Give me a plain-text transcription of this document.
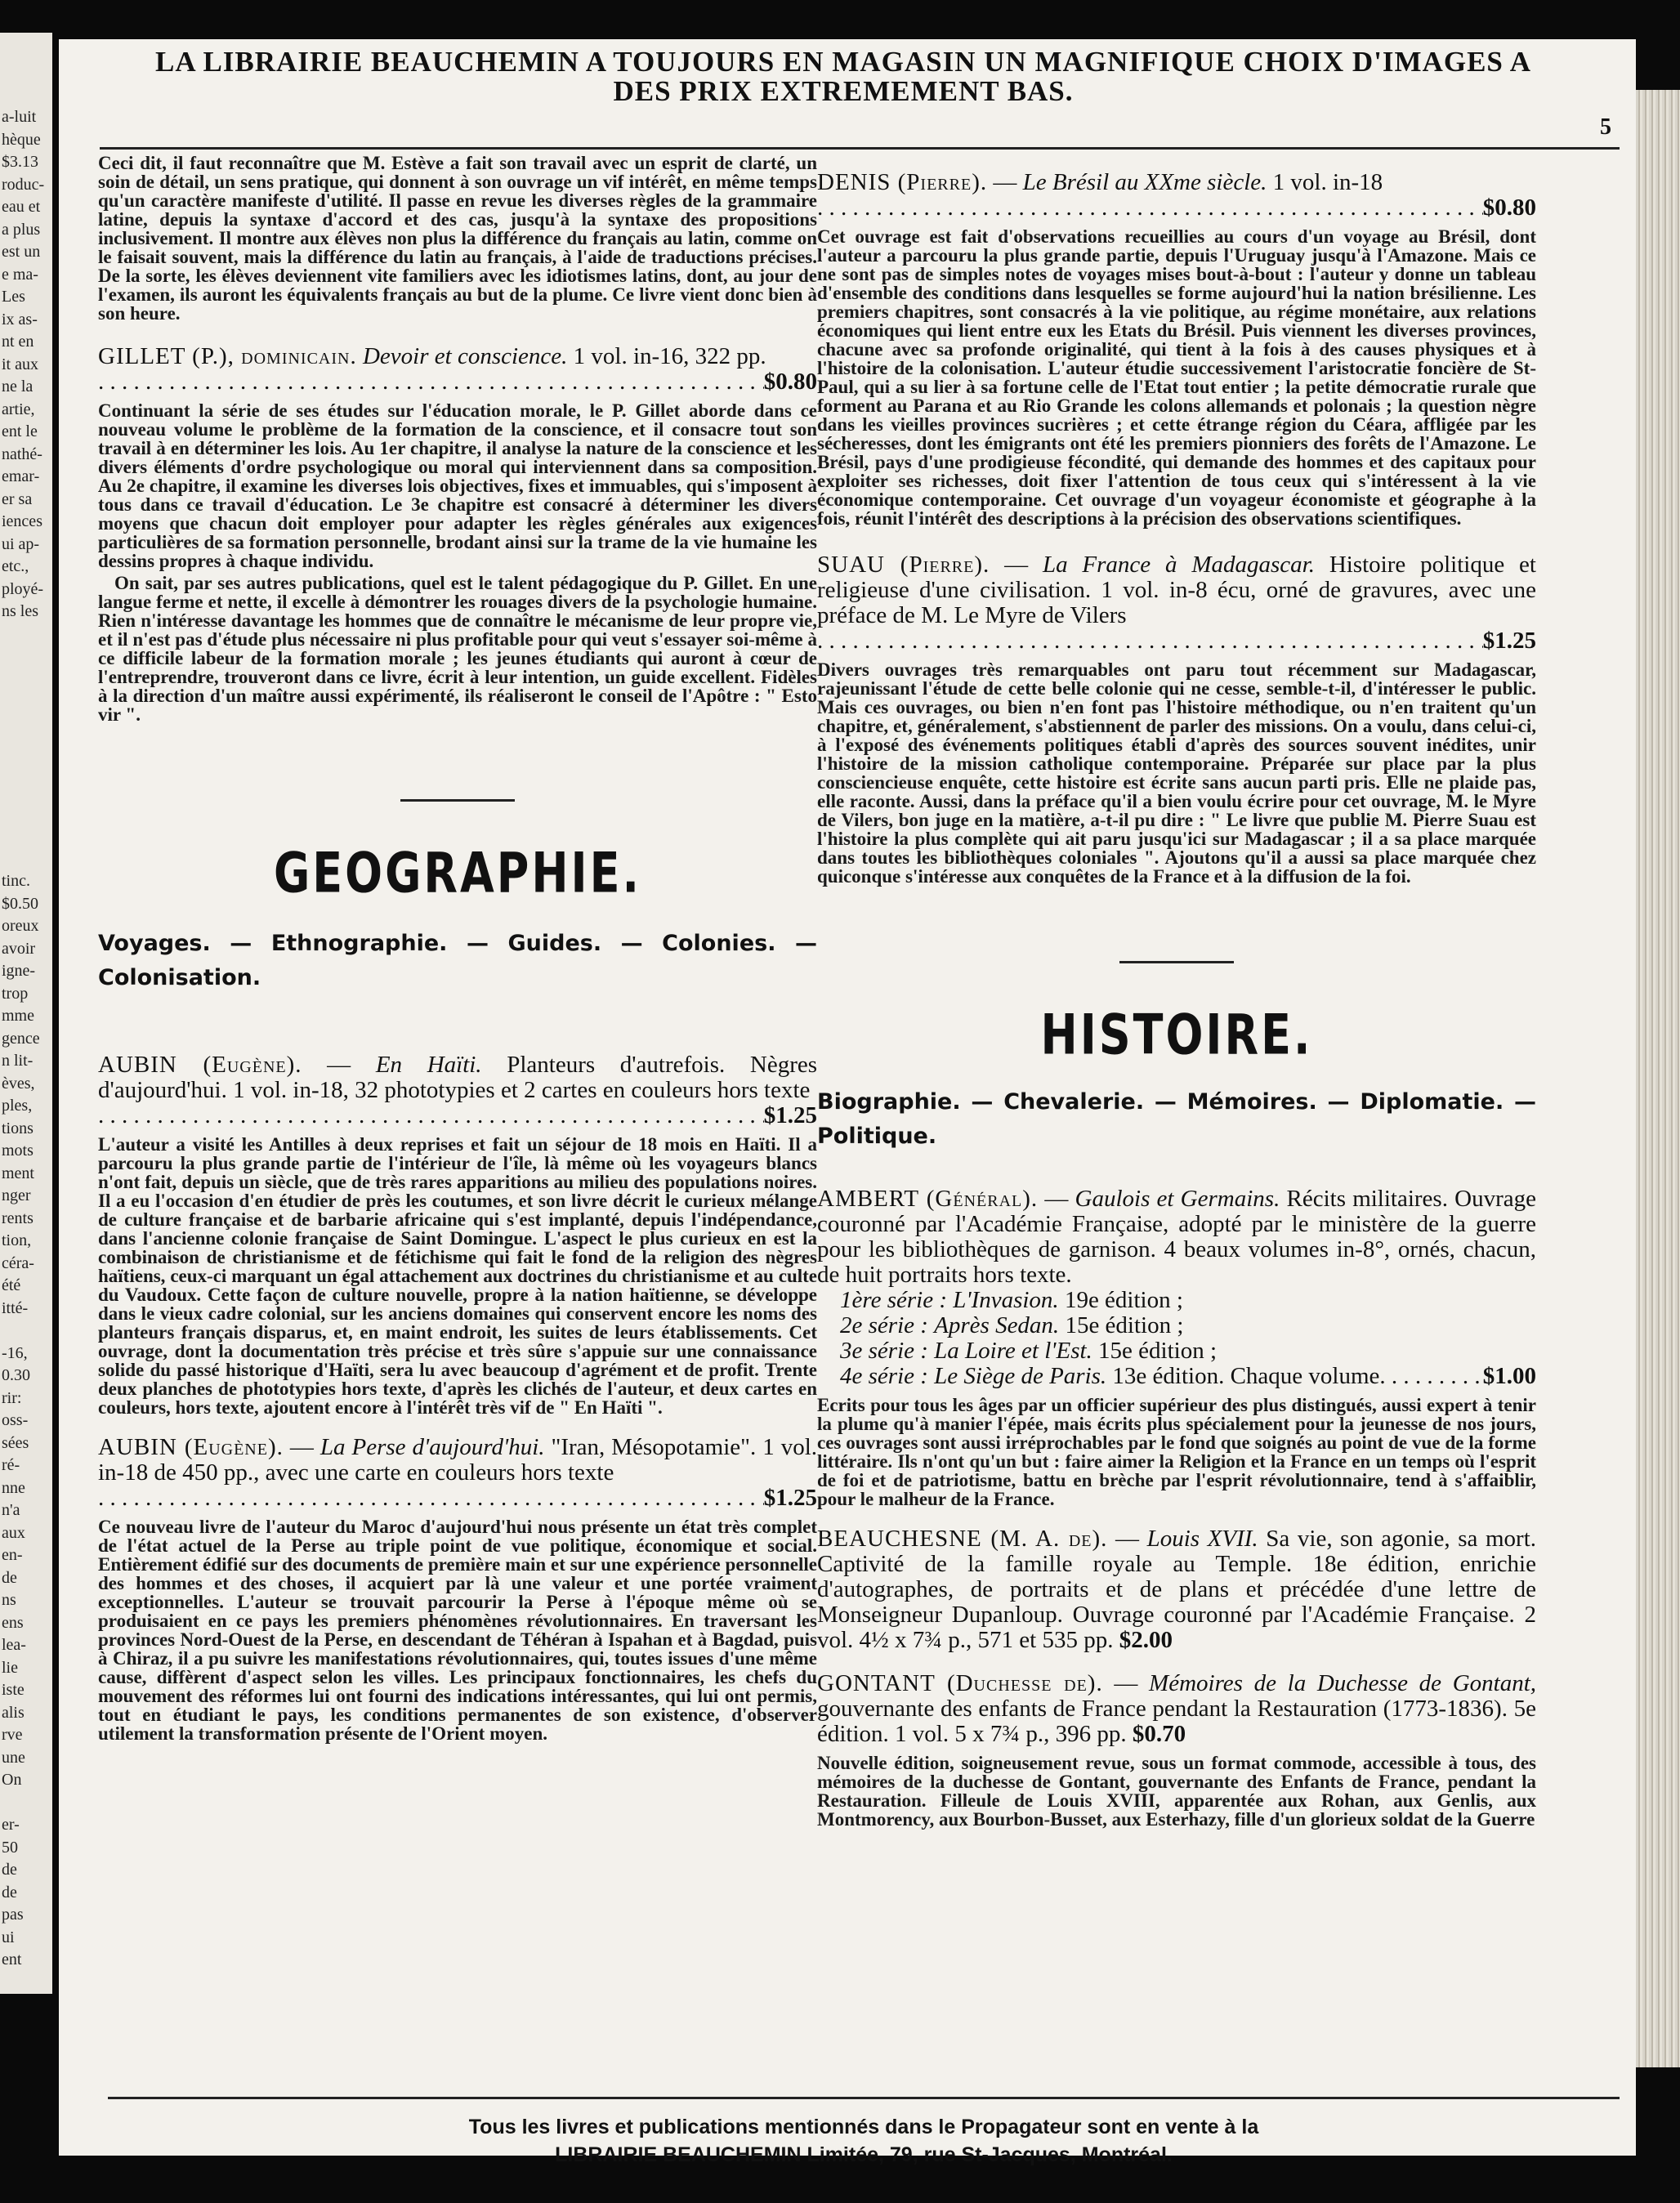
a-luit
hèque
$3.13
roduc-
eau et
a plus
est un
e ma-
Les
ix as-
nt en
it aux
ne la
artie,
ent le
nathé-
emar-
er sa
iences
ui ap-
etc.,
ployé-
ns les
tinc.
$0.50
oreux
avoir
igne-
trop
mme
gence
n lit-
èves,
ples,
tions
mots
ment
nger
rents
tion,
céra-
été
itté-
-16,
0.30
rir:
oss-
sées
ré-
nne
n'a
aux
en-
de
ns
ens
lea-
lie
iste
alis
rve
une
On
er-
50
de
de
pas
ui
ent
LA LIBRAIRIE BEAUCHEMIN A TOUJOURS EN MAGASIN UN MAGNIFIQUE CHOIX D'IMAGES A DES PRIX EXTREMEMENT BAS.
5
Ceci dit, il faut reconnaître que M. Estève a fait son travail avec un esprit de clarté, un soin de détail, un sens pratique, qui donnent à son ouvrage un vif intérêt, en même temps qu'un caractère manifeste d'utilité. Il passe en revue les diverses règles de la grammaire latine, depuis la syntaxe d'accord et des cas, jusqu'à la syntaxe des propositions inclusivement. Il montre aux élèves non plus la différence du français au latin, comme on le faisait souvent, mais la différence du latin au français, à l'aide de traductions précises. De la sorte, les élèves deviennent vite familiers avec les idiotismes latins, dont, au jour de l'examen, ils auront les équivalents français au but de la plume. Ce livre vient donc bien à son heure.
GILLET (P.), dominicain. Devoir et conscience. 1 vol. in-16, 322 pp.
. . .
$0.80
Continuant la série de ses études sur l'éducation morale, le P. Gillet aborde dans ce nouveau volume le problème de la formation de la conscience, et il consacre tout son travail à en déterminer les lois. Au 1er chapitre, il analyse la nature de la conscience et les divers éléments d'ordre psychologique ou moral qui interviennent dans sa composition. Au 2e chapitre, il examine les diverses lois objectives, fixes et immuables, qui s'imposent à tous dans ce travail d'éducation. Le 3e chapitre est consacré à déterminer les divers moyens que chacun doit employer pour adapter les règles générales aux exigences particulières de sa formation personnelle, brodant ainsi sur la trame de la vie humaine les dessins propres à chaque individu.
On sait, par ses autres publications, quel est le talent pédagogique du P. Gillet. En une langue ferme et nette, il excelle à démontrer les rouages divers de la psychologie humaine. Rien n'intéresse davantage les hommes que de connaître le mécanisme de leur propre vie, et il n'est pas d'étude plus nécessaire ni plus profitable pour qui veut s'essayer soi-même à ce difficile labeur de la formation morale ; les jeunes étudiants qui auront à cœur de l'entreprendre, trouveront dans ce livre, écrit à leur intention, un guide excellent. Fidèles à la direction d'un maître aussi expérimenté, ils réaliseront le conseil de l'Apôtre : " Esto vir ".
GEOGRAPHIE.
Voyages. — Ethnographie. — Guides. — Colonies. — Colonisation.
AUBIN (Eugène). — En Haïti. Planteurs d'autrefois. Nègres d'aujourd'hui. 1 vol. in-18, 32 phototypies et 2 cartes en couleurs hors texte
. . .
$1.25
L'auteur a visité les Antilles à deux reprises et fait un séjour de 18 mois en Haïti. Il a parcouru la plus grande partie de l'intérieur de l'île, là même où les voyageurs blancs n'ont fait, depuis un siècle, que de très rares apparitions au milieu des populations noires. Il a eu l'occasion d'en étudier de près les coutumes, et son livre décrit le curieux mélange de culture française et de barbarie africaine qui s'est implanté, depuis l'indépendance, dans l'ancienne colonie française de Saint Domingue. L'aspect le plus curieux en est la combinaison de christianisme et de fétichisme qui fait le fond de la religion des nègres haïtiens, ceux-ci marquant un égal attachement aux doctrines du christianisme et au culte du Vaudoux. Cette façon de culture nouvelle, propre à la nation haïtienne, se développe dans le vieux cadre colonial, sur les anciens domaines qui conservent encore les noms des planteurs français disparus, et, en maint endroit, les suites de leurs établissements. Cet ouvrage, dont la documentation très précise et très sûre s'appuie sur une connaissance solide du passé historique d'Haïti, sera lu avec beaucoup d'agrément et de profit. Trente deux planches de phototypies hors texte, d'après les clichés de l'auteur, et deux cartes en couleurs, hors texte, ajoutent encore à l'intérêt très vif de " En Haïti ".
AUBIN (Eugène). — La Perse d'aujourd'hui. "Iran, Mésopotamie". 1 vol. in-18 de 450 pp., avec une carte en couleurs hors texte
. . .
$1.25
Ce nouveau livre de l'auteur du Maroc d'aujourd'hui nous présente un état très complet de l'état actuel de la Perse au triple point de vue politique, économique et social. Entièrement édifié sur des documents de première main et sur une expérience personnelle des hommes et des choses, il acquiert par là une valeur et une portée vraiment exceptionnelles. L'auteur se trouvait parcourir la Perse à l'époque même où se produisaient en ce pays les premiers phénomènes révolutionnaires. En traversant les provinces Nord-Ouest de la Perse, en descendant de Téhéran à Ispahan et à Bagdad, puis à Chiraz, il a pu suivre les manifestations révolutionnaires, qui, toutes issues d'une même cause, diffèrent d'aspect selon les villes. Les principaux fonctionnaires, les chefs du mouvement des réformes lui ont fourni des indications intéressantes, qui lui ont permis, tout en étudiant le pays, les conditions permanentes de son existence, d'observer utilement la transformation présente de l'Orient moyen.
DENIS (Pierre). — Le Brésil au XXme siècle. 1 vol. in-18
. . .
$0.80
Cet ouvrage est fait d'observations recueillies au cours d'un voyage au Brésil, dont l'auteur a parcouru la plus grande partie, depuis l'Uruguay jusqu'à l'Amazone. Mais ce ne sont pas de simples notes de voyages mises bout-à-bout : l'auteur y donne un tableau d'ensemble des conditions dans lesquelles se forme aujourd'hui la nation brésilienne. Les premiers chapitres, sont consacrés à la vie politique, au régime monétaire, aux relations économiques qui lient entre eux les Etats du Brésil. Puis viennent les diverses provinces, chacune avec sa profonde originalité, qui tient à la fois à des causes physiques et à l'histoire de la colonisation. L'auteur étudie successivement l'aristocratie foncière de St-Paul, qui a su lier à sa fortune celle de l'Etat tout entier ; la petite démocratie rurale que forment au Parana et au Rio Grande les colons allemands et polonais ; la question nègre dans les vieilles provinces sucrières ; et cette étrange région du Céara, affligée par les sécheresses, dont les émigrants ont été les premiers pionniers des forêts de l'Amazone. Le Brésil, pays d'une prodigieuse fécondité, qui demande des hommes et des capitaux pour exploiter ses richesses, doit fixer l'attention de tous ceux qui s'intéressent à la vie économique contemporaine. Cet ouvrage d'un voyageur économiste et géographe à la fois, réunit l'intérêt des descriptions à la précision des observations scientifiques.
SUAU (Pierre). — La France à Madagascar. Histoire politique et religieuse d'une civilisation. 1 vol. in-8 écu, orné de gravures, avec une préface de M. Le Myre de Vilers
. . .
$1.25
Divers ouvrages très remarquables ont paru tout récemment sur Madagascar, rajeunissant l'étude de cette belle colonie qui ne cesse, semble-t-il, d'intéresser le public. Mais ces ouvrages, ou bien n'en font pas l'histoire méthodique, ou n'en traitent qu'un chapitre, et, généralement, s'abstiennent de parler des missions. On a voulu, dans celui-ci, à l'exposé des événements politiques établi d'après des sources souvent inédites, unir l'histoire de la mission catholique contemporaine. Préparée sur place par la plus consciencieuse enquête, cette histoire est écrite sans aucun parti pris. Elle ne plaide pas, elle raconte. Aussi, dans la préface qu'il a bien voulu écrire pour cet ouvrage, M. le Myre de Vilers, bon juge en la matière, a-t-il pu dire : " Le livre que publie M. Pierre Suau est l'histoire la plus complète qui ait paru jusqu'ici sur Madagascar ; il a sa place marquée dans toutes les bibliothèques coloniales ". Ajoutons qu'il a aussi sa place marquée chez quiconque s'intéresse aux conquêtes de la France et à la diffusion de la foi.
HISTOIRE.
Biographie. — Chevalerie. — Mémoires. — Diplomatie. — Politique.
AMBERT (Général). — Gaulois et Germains. Récits militaires. Ouvrage couronné par l'Académie Française, adopté par le ministère de la guerre pour les bibliothèques de garnison. 4 beaux volumes in-8°, ornés, chacun, de huit portraits hors texte.
1ère série : L'Invasion. 19e édition ;
2e série : Après Sedan. 15e édition ;
3e série : La Loire et l'Est. 15e édition ;
4e série : Le Siège de Paris. 13e édition. Chaque volume
. . .	$1.00
Ecrits pour tous les âges par un officier supérieur des plus distingués, aussi expert à tenir la plume qu'à manier l'épée, mais écrits plus spécialement pour la jeunesse de nos jours, ces ouvrages sont aussi irréprochables par le fond que soignés au point de vue de la forme littéraire. Ils n'ont qu'un but : faire aimer la Religion et la France en un temps où l'esprit de foi et de patriotisme, battu en brèche par l'esprit révolutionnaire, tend à s'affaiblir, pour le malheur de la France.
BEAUCHESNE (M. A. de). — Louis XVII. Sa vie, son agonie, sa mort. Captivité de la famille royale au Temple. 18e édition, enrichie d'autographes, de portraits et de plans et précédée d'une lettre de Monseigneur Dupanloup. Ouvrage couronné par l'Académie Française. 2 vol. 4½ x 7¾ p., 571 et 535 pp. $2.00
GONTANT (Duchesse de). — Mémoires de la Duchesse de Gontant, gouvernante des enfants de France pendant la Restauration (1773-1836). 5e édition. 1 vol. 5 x 7¾ p., 396 pp. $0.70
Nouvelle édition, soigneusement revue, sous un format commode, accessible à tous, des mémoires de la duchesse de Gontant, gouvernante des Enfants de France, pendant la Restauration. Filleule de Louis XVIII, apparentée aux Rohan, aux Genlis, aux Montmorency, aux Bourbon-Busset, aux Esterhazy, fille d'un glorieux soldat de la Guerre
Tous les livres et publications mentionnés dans le Propagateur sont en vente à la
LIBRAIRIE BEAUCHEMIN Limitée, 79, rue St-Jacques, Montréal.
